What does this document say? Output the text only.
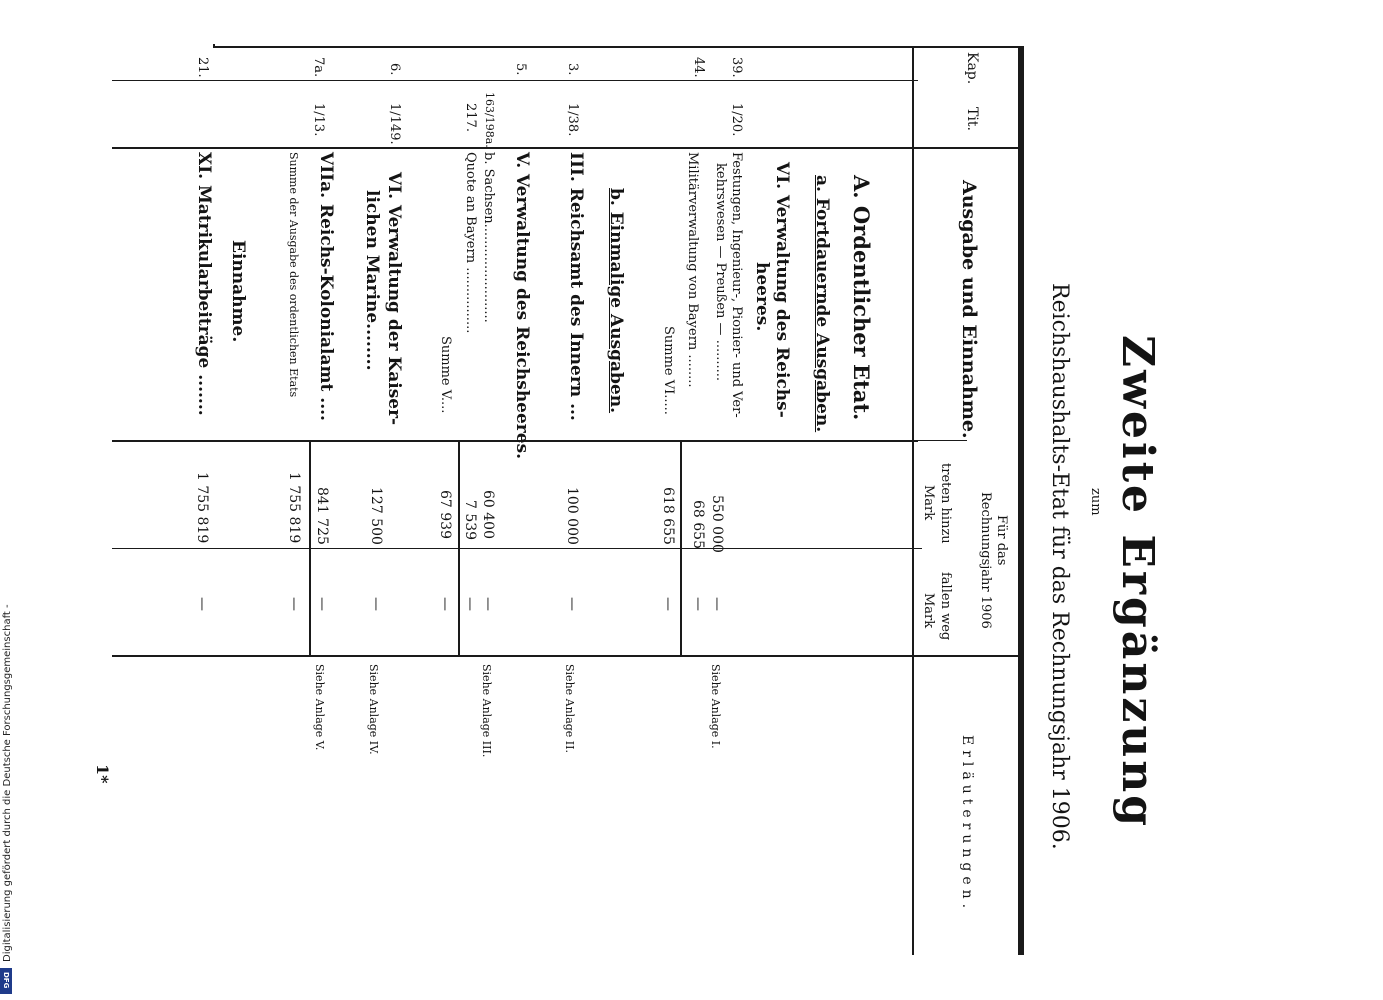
Zweite Ergänzung
zum
Reichshaushalts-Etat für das Rechnungsjahr 1906.
Kap.
Tit.
Ausgabe und Einnahme.
Für das
Rechnungsjahr 1906
treten hinzu
Mark
fallen weg
Mark
Erläuterungen.
A. Ordentlicher Etat.
a. Fortdauernde Ausgaben.
VI. Verwaltung des Reichs-
heeres.
39.
1/20.
Festungen, Ingenieur-, Pionier- und Ver-
kehrswesen — Preußen — ..........
550 000
—
Siehe Anlage I.
44.
Militärverwaltung von Bayern ........
68 655
—
Summe VI.....
618 655
—
b. Einmalige Ausgaben.
3.
1/38.
III. Reichsamt des Innern ...
100 000
—
Siehe Anlage II.
5.
V. Verwaltung des Reichsheeres.
163/198a.
b. Sachsen........................
60 400
—
Siehe Anlage III.
217.
Quote an Bayern ................
7 539
—
Summe V....
67 939
—
6.
1/149.
VI. Verwaltung der Kaiser-
lichen Marine........
127 500
—
Siehe Anlage IV.
7a.
1/13.
VIIa. Reichs-Kolonialamt ....
841 725
—
Siehe Anlage V.
Summe der Ausgabe des ordentlichen Etats
1 755 819
—
Einnahme.
21.
XI. Matrikularbeiträge .......
1 755 819
—
1*
Digitalisierung gefördert durch die Deutsche Forschungsgemeinschaft -
DFG
